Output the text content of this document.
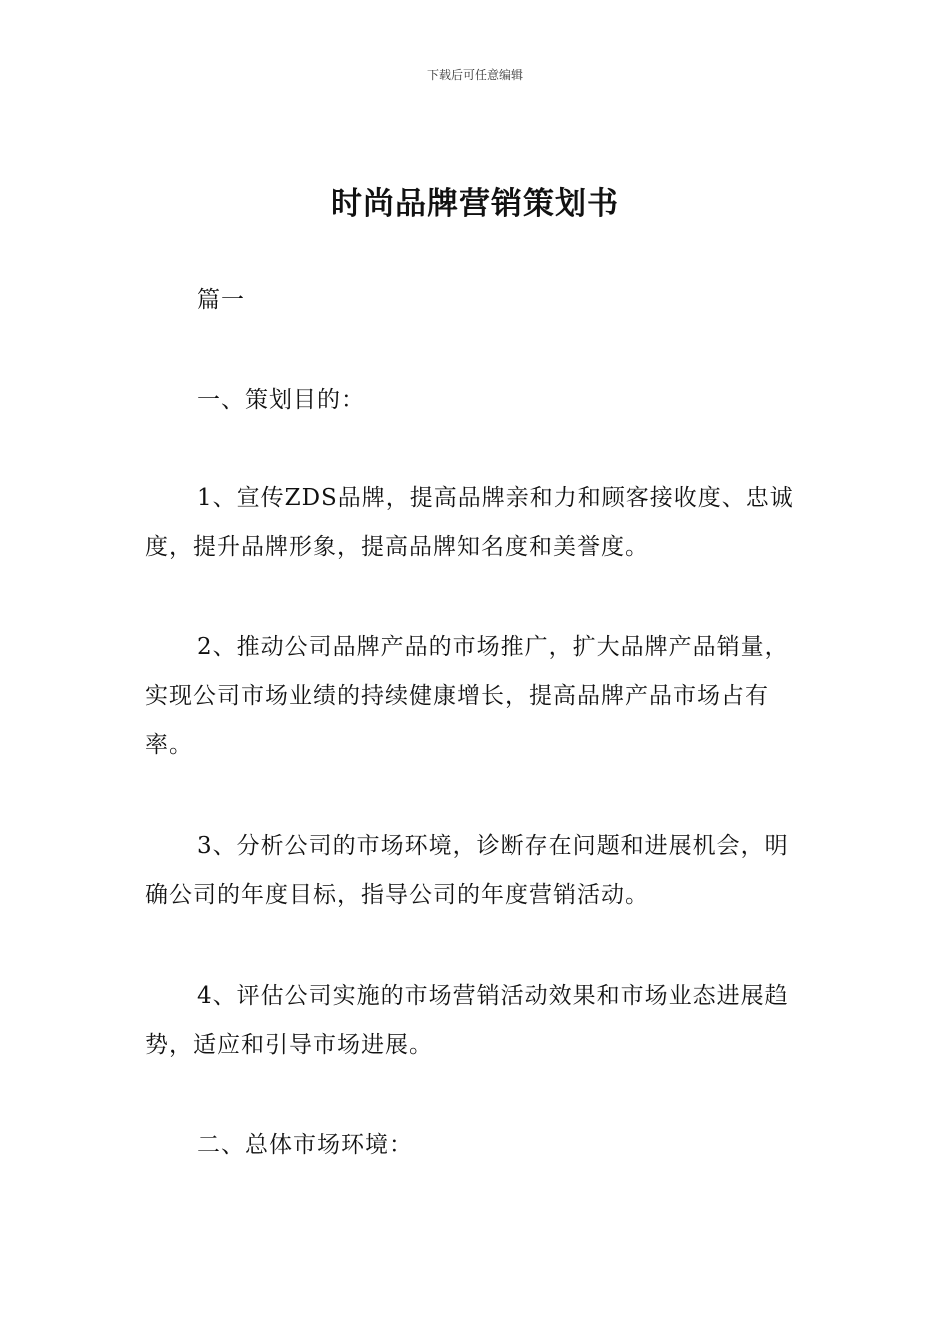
下载后可任意编辑
时尚品牌营销策划书

篇一

一、策划目的：

1、宣传ZDS品牌，提高品牌亲和力和顾客接收度、忠诚度，提升品牌形象，提高品牌知名度和美誉度。

2、推动公司品牌产品的市场推广，扩大品牌产品销量，实现公司市场业绩的持续健康增长，提高品牌产品市场占有率。

3、分析公司的市场环境，诊断存在问题和进展机会，明确公司的年度目标，指导公司的年度营销活动。

4、评估公司实施的市场营销活动效果和市场业态进展趋势，适应和引导市场进展。

二、总体市场环境：
